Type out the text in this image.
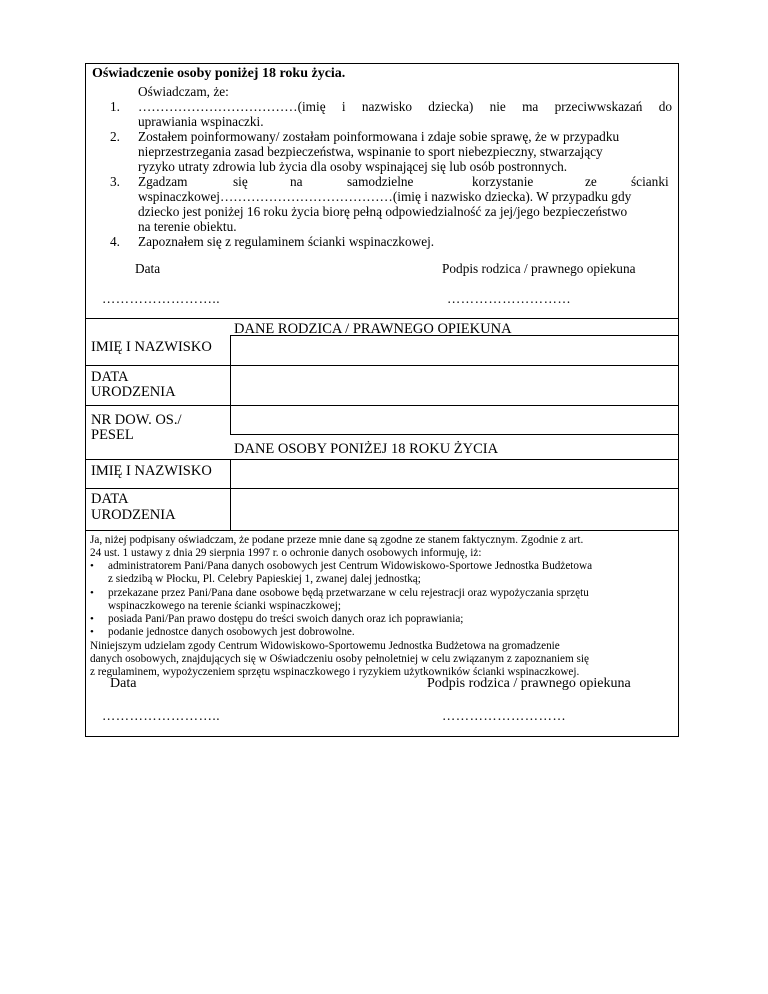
Oświadczenie osoby poniżej 18 roku życia.
Oświadczam, że:
1. ………………………………(imię i nazwisko dziecka) nie ma przeciwwskazań do
uprawiania wspinaczki.
2. Zostałem poinformowany/ zostałam poinformowana i zdaje sobie sprawę, że w przypadku
nieprzestrzegania zasad bezpieczeństwa, wspinanie to sport niebezpieczny, stwarzający
ryzyko utraty zdrowia lub życia dla osoby wspinającej się lub osób postronnych.
3. Zgadzam	się	na	samodzielne	korzystanie	ze	ścianki
wspinaczkowej…………………………………(imię i nazwisko dziecka). W przypadku gdy
dziecko jest poniżej 16 roku życia biorę pełną odpowiedzialność za jej/jego bezpieczeństwo
na terenie obiektu.
4. Zapoznałem się z regulaminem ścianki wspinaczkowej.
Data	Podpis rodzica / prawnego opiekuna
……………………..	………………………
DANE RODZICA / PRAWNEGO OPIEKUNA
IMIĘ I NAZWISKO
DATA
URODZENIA
NR DOW. OS./
PESEL
DANE OSOBY PONIŻEJ 18 ROKU ŻYCIA
IMIĘ I NAZWISKO
DATA
URODZENIA
Ja, niżej podpisany oświadczam, że podane przeze mnie dane są zgodne ze stanem faktycznym. Zgodnie z art.
24 ust. 1 ustawy z dnia 29 sierpnia 1997 r. o ochronie danych osobowych informuję, iż:
• administratorem Pani/Pana danych osobowych jest Centrum Widowiskowo-Sportowe Jednostka Budżetowa
z siedzibą w Płocku, Pl. Celebry Papieskiej 1, zwanej dalej jednostką;
• przekazane przez Pani/Pana dane osobowe będą przetwarzane w celu rejestracji oraz wypożyczania sprzętu
wspinaczkowego na terenie ścianki wspinaczkowej;
• posiada Pani/Pan prawo dostępu do treści swoich danych oraz ich poprawiania;
• podanie jednostce danych osobowych jest dobrowolne.
Niniejszym udzielam zgody Centrum Widowiskowo-Sportowemu Jednostka Budżetowa na gromadzenie
danych osobowych, znajdujących się w Oświadczeniu osoby pełnoletniej w celu związanym z zapoznaniem się
z regulaminem, wypożyczeniem sprzętu wspinaczkowego i ryzykiem użytkowników ścianki wspinaczkowej.
Data	Podpis rodzica / prawnego opiekuna
……………………..	………………………
